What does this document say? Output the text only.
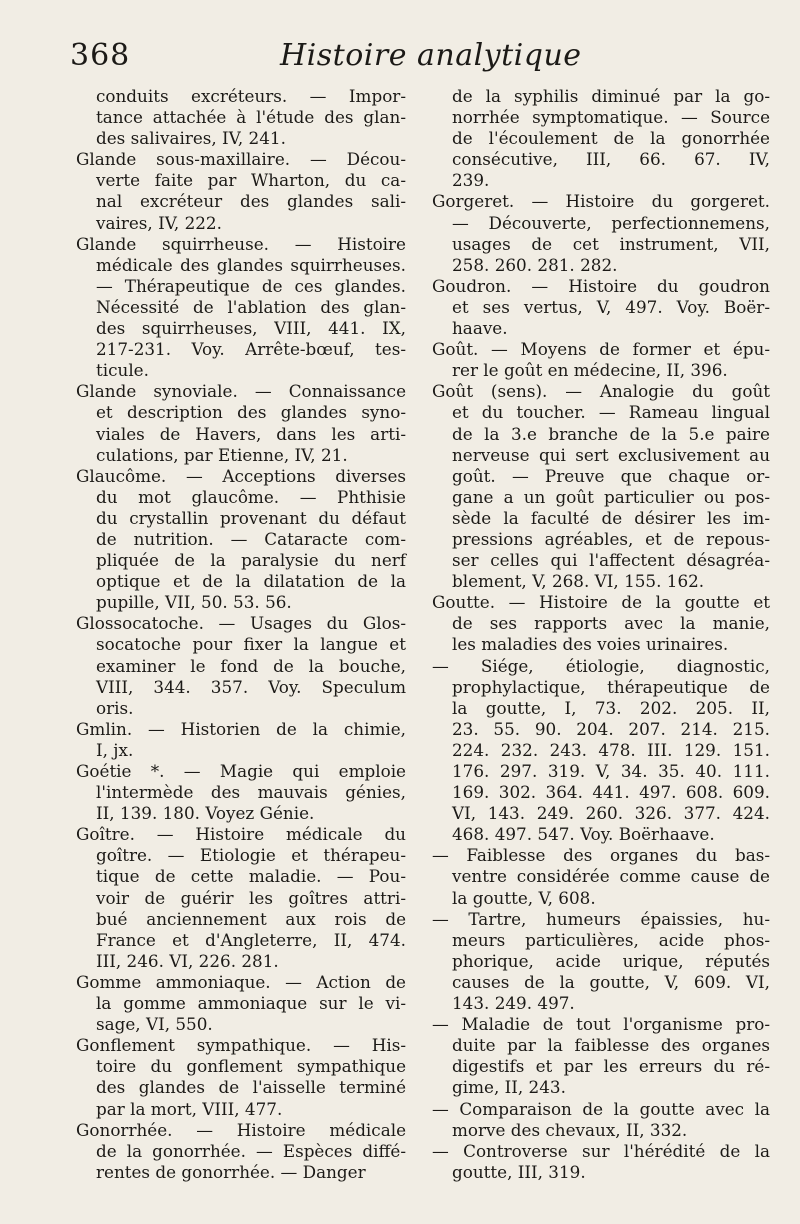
368	Histoire analytique
conduits excréteurs. — Impor-
tance attachée à l'étude des glan-
des salivaires, IV, 241.
Glande sous-maxillaire. — Décou-
verte faite par Wharton, du ca-
nal excréteur des glandes sali-
vaires, IV, 222.
Glande squirrheuse. — Histoire
médicale des glandes squirrheuses.
— Thérapeutique de ces glandes.
Nécessité de l'ablation des glan-
des squirrheuses, VIII, 441. IX,
217-231. Voy. Arrête-bœuf, tes-
ticule.
Glande synoviale. — Connaissance
et description des glandes syno-
viales de Havers, dans les arti-
culations, par Etienne, IV, 21.
Glaucôme. — Acceptions diverses
du mot glaucôme. — Phthisie
du crystallin provenant du défaut
de nutrition. — Cataracte com-
pliquée de la paralysie du nerf
optique et de la dilatation de la
pupille, VII, 50. 53. 56.
Glossocatoche. — Usages du Glos-
socatoche pour fixer la langue et
examiner le fond de la bouche,
VIII, 344. 357. Voy. Speculum
oris.
Gmlin. — Historien de la chimie,
I, jx.
Goétie *. — Magie qui emploie
l'intermède des mauvais génies,
II, 139. 180. Voyez Génie.
Goître. — Histoire médicale du
goître. — Etiologie et thérapeu-
tique de cette maladie. — Pou-
voir de guérir les goîtres attri-
bué anciennement aux rois de
France et d'Angleterre, II, 474.
III, 246. VI, 226. 281.
Gomme ammoniaque. — Action de
la gomme ammoniaque sur le vi-
sage, VI, 550.
Gonflement sympathique. — His-
toire du gonflement sympathique
des glandes de l'aisselle terminé
par la mort, VIII, 477.
Gonorrhée. — Histoire médicale
de la gonorrhée. — Espèces diffé-
rentes de gonorrhée. — Danger
de la syphilis diminué par la go-
norrhée symptomatique. — Source
de l'écoulement de la gonorrhée
consécutive, III, 66. 67. IV,
239.
Gorgeret. — Histoire du gorgeret.
— Découverte, perfectionnemens,
usages de cet instrument, VII,
258. 260. 281. 282.
Goudron. — Histoire du goudron
et ses vertus, V, 497. Voy. Boër-
haave.
Goût. — Moyens de former et épu-
rer le goût en médecine, II, 396.
Goût (sens). — Analogie du goût
et du toucher. — Rameau lingual
de la 3.e branche de la 5.e paire
nerveuse qui sert exclusivement au
goût. — Preuve que chaque or-
gane a un goût particulier ou pos-
sède la faculté de désirer les im-
pressions agréables, et de repous-
ser celles qui l'affectent désagréa-
blement, V, 268. VI, 155. 162.
Goutte. — Histoire de la goutte et
de ses rapports avec la manie,
les maladies des voies urinaires.
— Siége, étiologie, diagnostic,
prophylactique, thérapeutique de
la goutte, I, 73. 202. 205. II,
23. 55. 90. 204. 207. 214. 215.
224. 232. 243. 478. III. 129. 151.
176. 297. 319. V, 34. 35. 40. 111.
169. 302. 364. 441. 497. 608. 609.
VI, 143. 249. 260. 326. 377. 424.
468. 497. 547. Voy. Boërhaave.
— Faiblesse des organes du bas-
ventre considérée comme cause de
la goutte, V, 608.
— Tartre, humeurs épaissies, hu-
meurs particulières, acide phos-
phorique, acide urique, réputés
causes de la goutte, V, 609. VI,
143. 249. 497.
— Maladie de tout l'organisme pro-
duite par la faiblesse des organes
digestifs et par les erreurs du ré-
gime, II, 243.
— Comparaison de la goutte avec la
morve des chevaux, II, 332.
— Controverse sur l'hérédité de la
goutte, III, 319.
